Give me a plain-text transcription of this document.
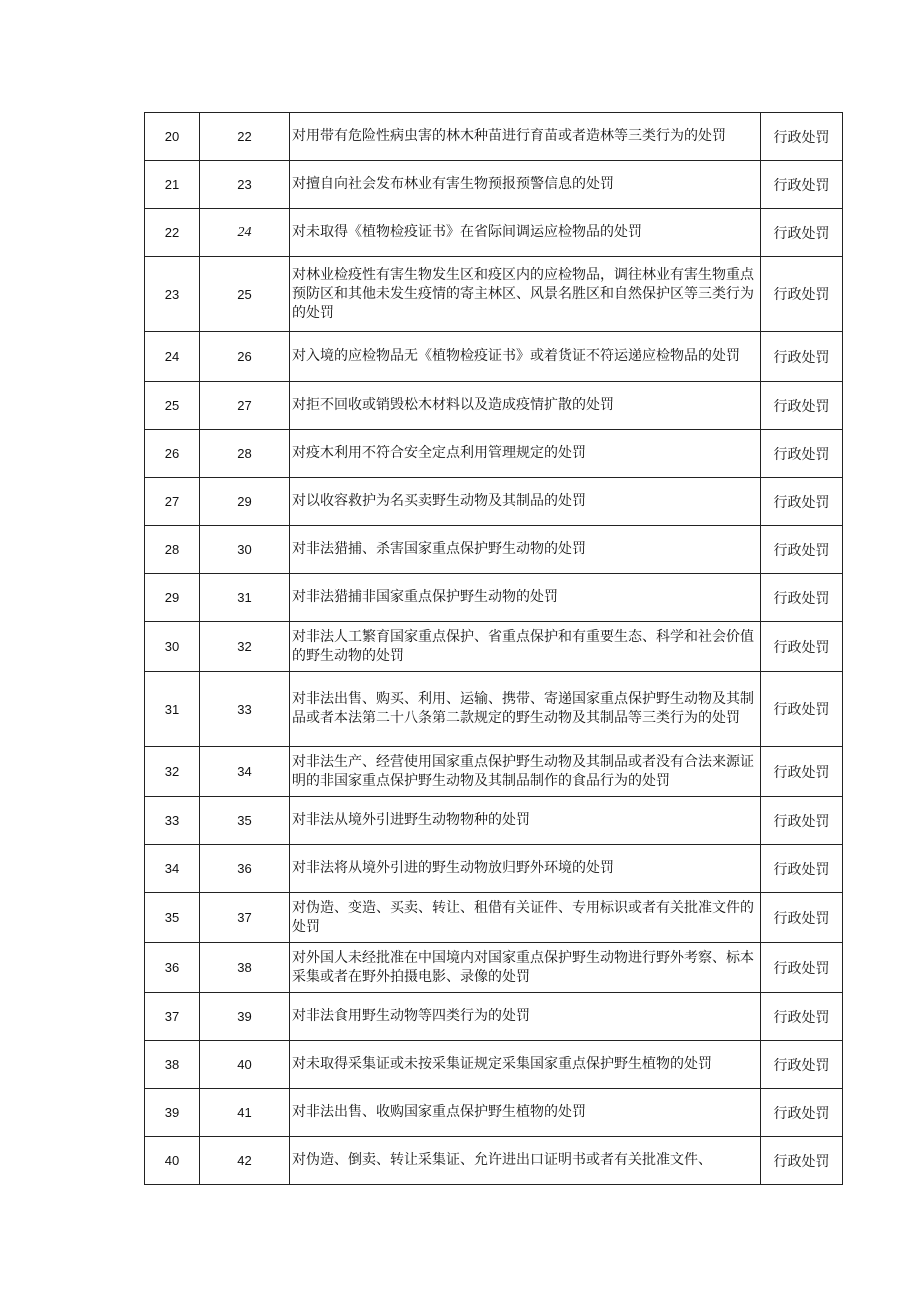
20	22	对用带有危险性病虫害的林木种苗进行育苗或者造林等三类行为的处罚	行政处罚
21	23	对擅自向社会发布林业有害生物预报预警信息的处罚	行政处罚
22	24	对未取得《植物检疫证书》在省际间调运应检物品的处罚	行政处罚
23	25	对林业检疫性有害生物发生区和疫区内的应检物品，调往林业有害生物重点预防区和其他未发生疫情的寄主林区、风景名胜区和自然保护区等三类行为的处罚	行政处罚
24	26	对入境的应检物品无《植物检疫证书》或着货证不符运递应检物品的处罚	行政处罚
25	27	对拒不回收或销毁松木材料以及造成疫情扩散的处罚	行政处罚
26	28	对疫木利用不符合安全定点利用管理规定的处罚	行政处罚
27	29	对以收容救护为名买卖野生动物及其制品的处罚	行政处罚
28	30	对非法猎捕、杀害国家重点保护野生动物的处罚	行政处罚
29	31	对非法猎捕非国家重点保护野生动物的处罚	行政处罚
30	32	对非法人工繁育国家重点保护、省重点保护和有重要生态、科学和社会价值的野生动物的处罚	行政处罚
31	33	对非法出售、购买、利用、运输、携带、寄递国家重点保护野生动物及其制品或者本法第二十八条第二款规定的野生动物及其制品等三类行为的处罚	行政处罚
32	34	对非法生产、经营使用国家重点保护野生动物及其制品或者没有合法来源证明的非国家重点保护野生动物及其制品制作的食品行为的处罚	行政处罚
33	35	对非法从境外引进野生动物物种的处罚	行政处罚
34	36	对非法将从境外引进的野生动物放归野外环境的处罚	行政处罚
35	37	对伪造、变造、买卖、转让、租借有关证件、专用标识或者有关批准文件的处罚	行政处罚
36	38	对外国人未经批准在中国境内对国家重点保护野生动物进行野外考察、标本采集或者在野外拍摄电影、录像的处罚	行政处罚
37	39	对非法食用野生动物等四类行为的处罚	行政处罚
38	40	对未取得采集证或未按采集证规定采集国家重点保护野生植物的处罚	行政处罚
39	41	对非法出售、收购国家重点保护野生植物的处罚	行政处罚
40	42	对伪造、倒卖、转让采集证、允许进出口证明书或者有关批准文件、	行政处罚
